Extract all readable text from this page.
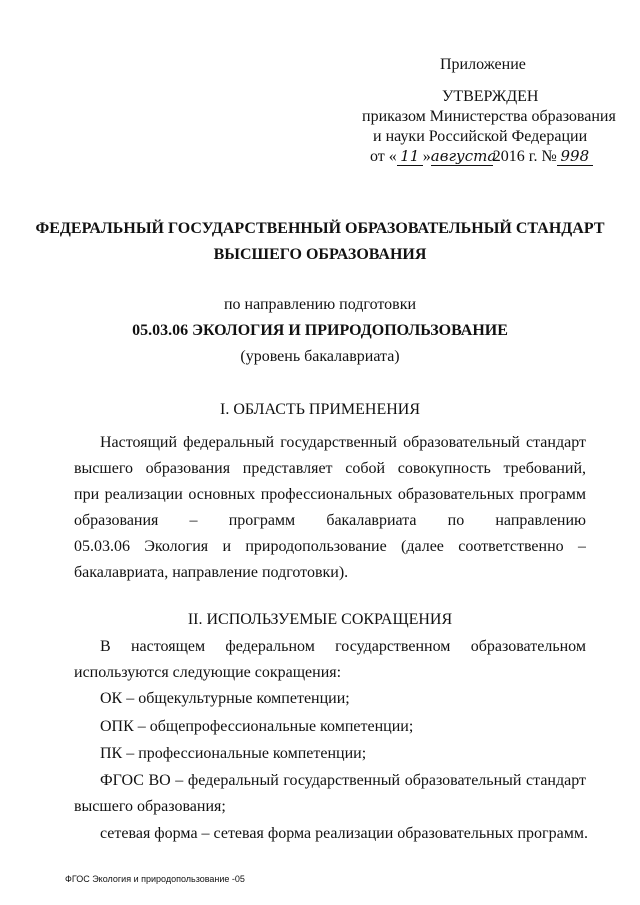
Приложение
УТВЕРЖДЕН
приказом Министерства образования
и науки Российской Федерации
от « 11 »августа2016 г. № 998
ФЕДЕРАЛЬНЫЙ ГОСУДАРСТВЕННЫЙ ОБРАЗОВАТЕЛЬНЫЙ СТАНДАРТ
ВЫСШЕГО ОБРАЗОВАНИЯ
по направлению подготовки
05.03.06 ЭКОЛОГИЯ И ПРИРОДОПОЛЬЗОВАНИЕ
(уровень бакалавриата)
I. ОБЛАСТЬ ПРИМЕНЕНИЯ
Настоящий федеральный государственный образовательный стандарт
высшего образования представляет собой совокупность требований,
при реализации основных профессиональных образовательных программ
образования – программ бакалавриата по направлению
05.03.06 Экология и природопользование (далее соответственно –
бакалавриата, направление подготовки).
II. ИСПОЛЬЗУЕМЫЕ СОКРАЩЕНИЯ
В настоящем федеральном государственном образовательном
используются следующие сокращения:
ОК – общекультурные компетенции;
ОПК – общепрофессиональные компетенции;
ПК – профессиональные компетенции;
ФГОС ВО – федеральный государственный образовательный стандарт
высшего образования;
сетевая форма – сетевая форма реализации образовательных программ.
ФГОС Экология и природопользование -05
